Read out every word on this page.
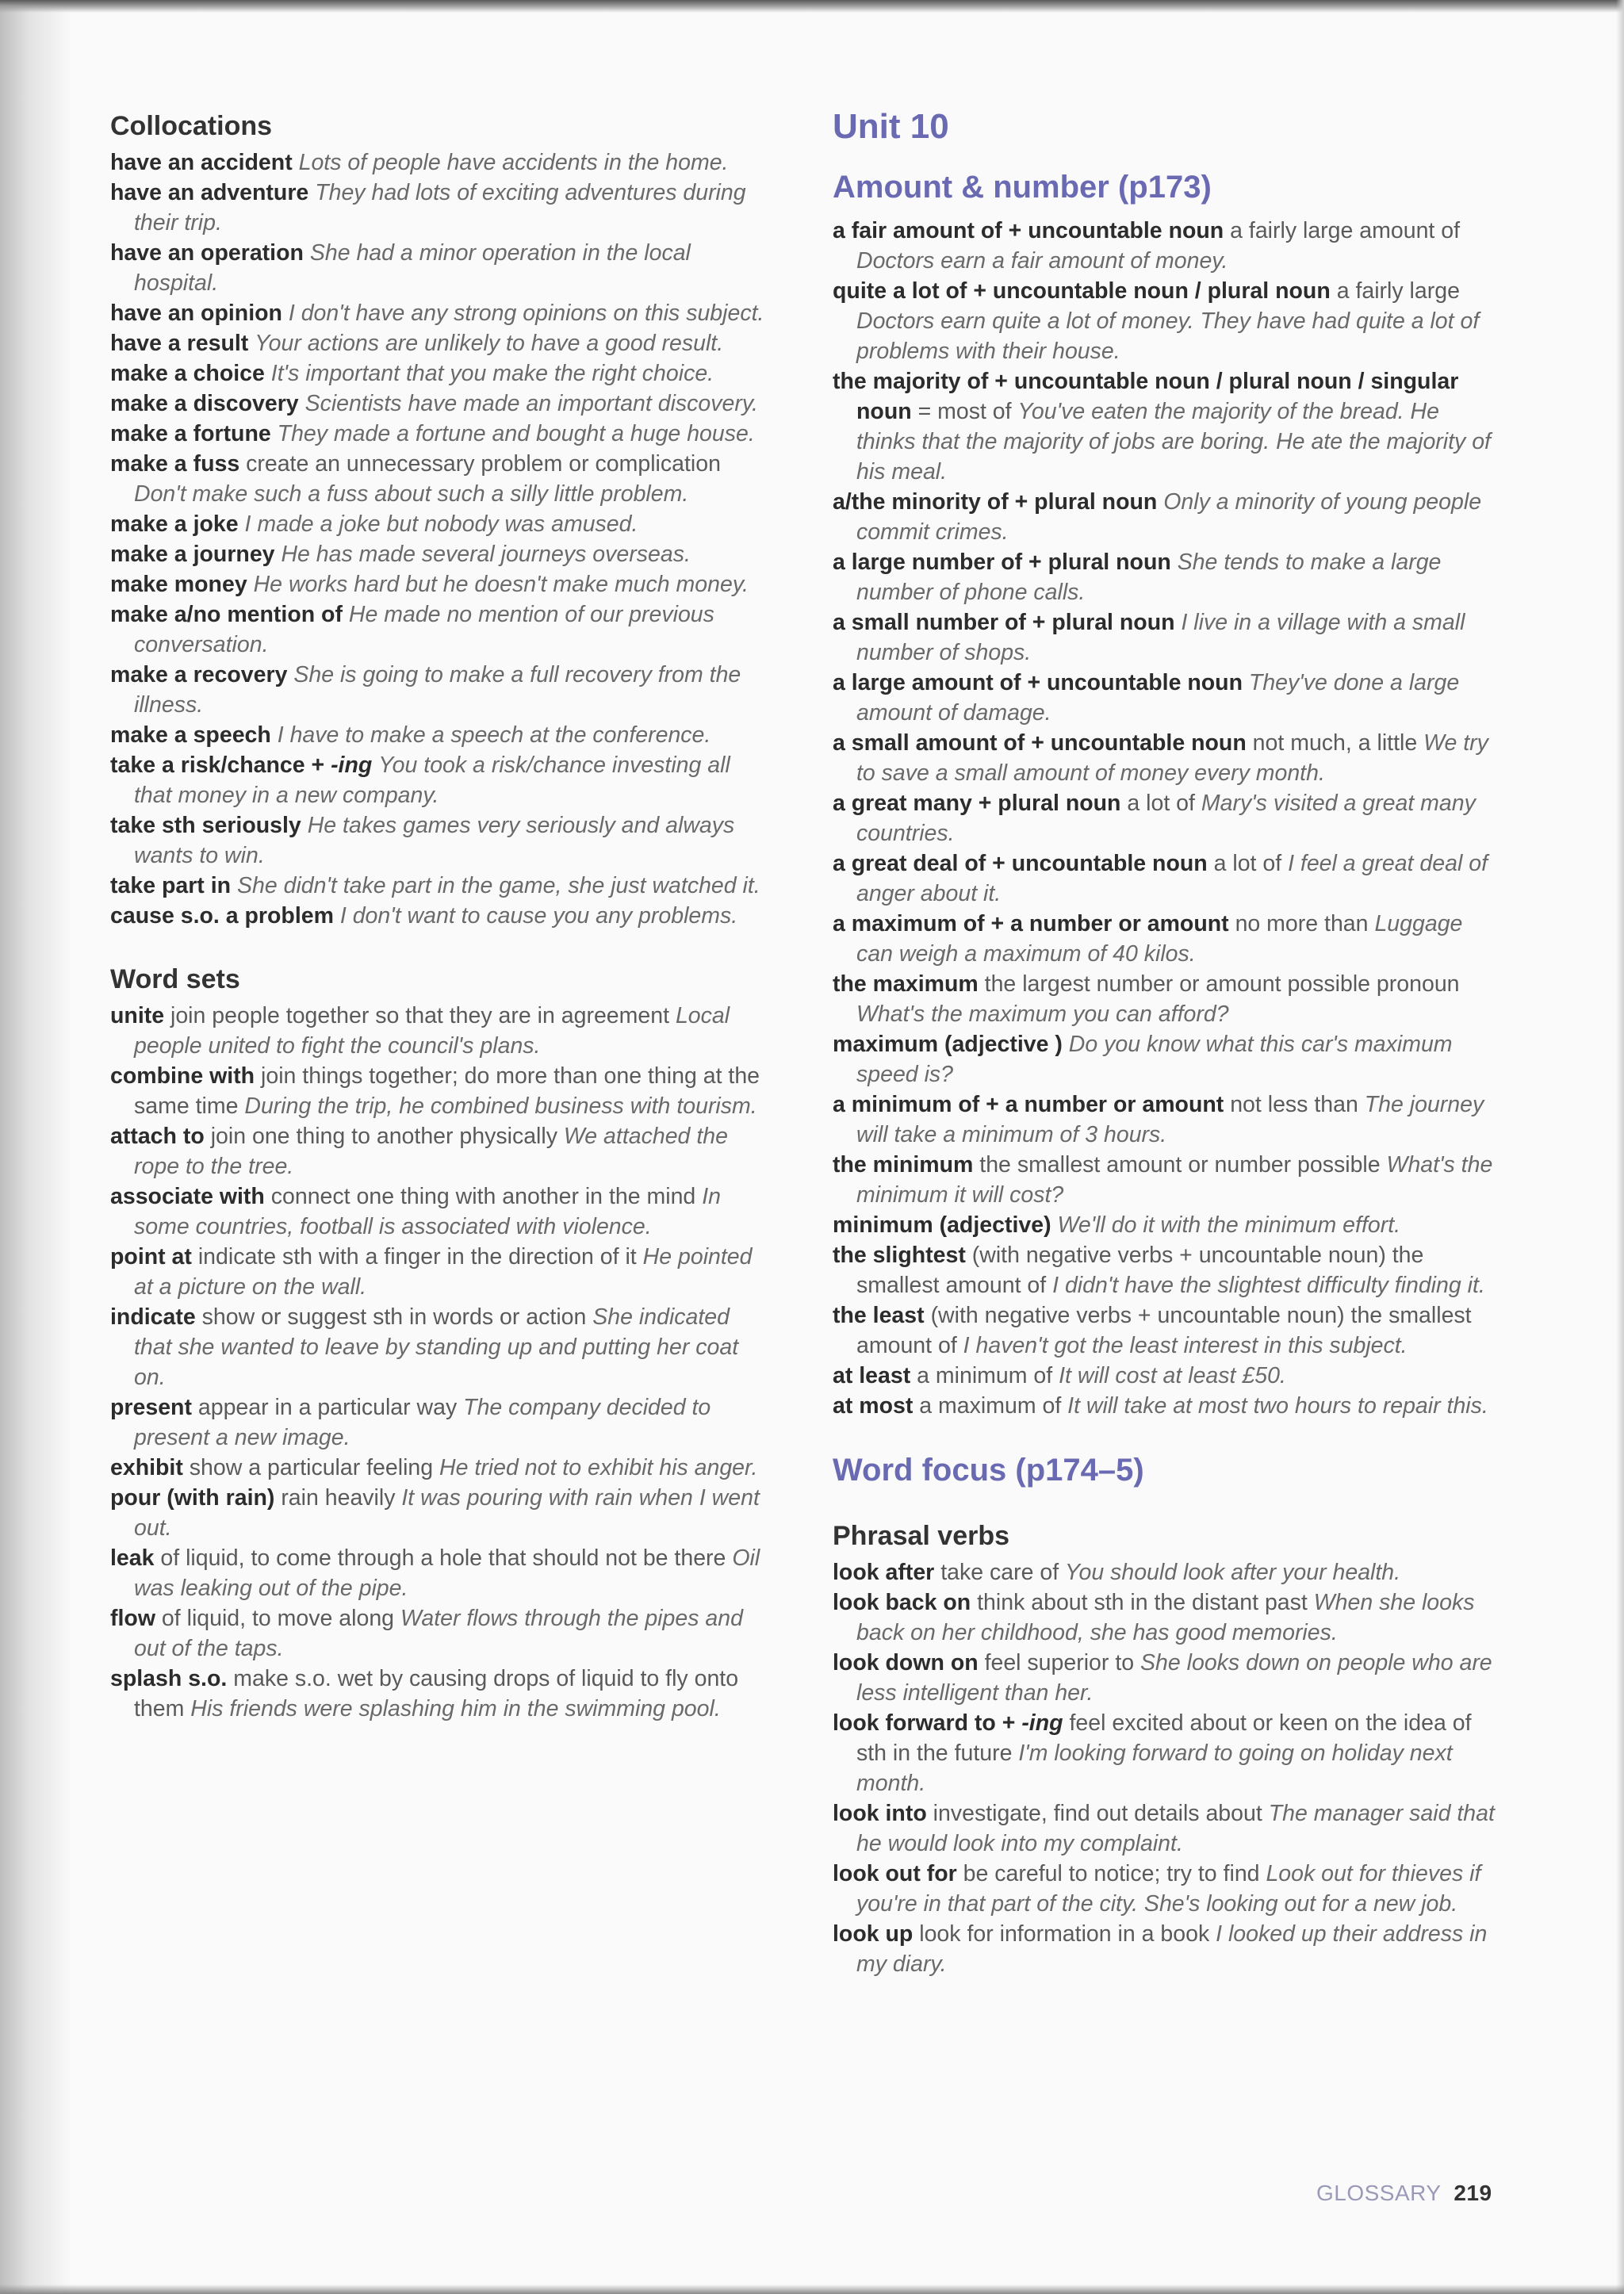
Collocations

have an accident Lots of people have accidents in the home.

have an adventure They had lots of exciting adventures during their trip.

have an operation She had a minor operation in the local hospital.

have an opinion I don't have any strong opinions on this subject.

have a result Your actions are unlikely to have a good result.

make a choice It's important that you make the right choice.

make a discovery Scientists have made an important discovery.

make a fortune They made a fortune and bought a huge house.

make a fuss create an unnecessary problem or complication Don't make such a fuss about such a silly little problem.

make a joke I made a joke but nobody was amused.

make a journey He has made several journeys overseas.

make money He works hard but he doesn't make much money.

make a/no mention of He made no mention of our previous conversation.

make a recovery She is going to make a full recovery from the illness.

make a speech I have to make a speech at the conference.

take a risk/chance + -ing You took a risk/chance investing all that money in a new company.

take sth seriously He takes games very seriously and always wants to win.

take part in She didn't take part in the game, she just watched it.

cause s.o. a problem I don't want to cause you any problems.

Word sets

unite join people together so that they are in agreement Local people united to fight the council's plans.

combine with join things together; do more than one thing at the same time During the trip, he combined business with tourism.

attach to join one thing to another physically We attached the rope to the tree.

associate with connect one thing with another in the mind In some countries, football is associated with violence.

point at indicate sth with a finger in the direction of it He pointed at a picture on the wall.

indicate show or suggest sth in words or action She indicated that she wanted to leave by standing up and putting her coat on.

present appear in a particular way The company decided to present a new image.

exhibit show a particular feeling He tried not to exhibit his anger.

pour (with rain) rain heavily It was pouring with rain when I went out.

leak of liquid, to come through a hole that should not be there Oil was leaking out of the pipe.

flow of liquid, to move along Water flows through the pipes and out of the taps.

splash s.o. make s.o. wet by causing drops of liquid to fly onto them His friends were splashing him in the swimming pool.

Unit 10
Amount & number (p173)

a fair amount of + uncountable noun a fairly large amount of Doctors earn a fair amount of money.

quite a lot of + uncountable noun / plural noun a fairly large Doctors earn quite a lot of money. They have had quite a lot of problems with their house.

the majority of + uncountable noun / plural noun / singular noun = most of You've eaten the majority of the bread. He thinks that the majority of jobs are boring. He ate the majority of his meal.

a/the minority of + plural noun Only a minority of young people commit crimes.

a large number of + plural noun She tends to make a large number of phone calls.

a small number of + plural noun I live in a village with a small number of shops.

a large amount of + uncountable noun They've done a large amount of damage.

a small amount of + uncountable noun not much, a little We try to save a small amount of money every month.

a great many + plural noun a lot of Mary's visited a great many countries.

a great deal of + uncountable noun a lot of I feel a great deal of anger about it.

a maximum of + a number or amount no more than Luggage can weigh a maximum of 40 kilos.

the maximum the largest number or amount possible pronoun What's the maximum you can afford?

maximum (adjective ) Do you know what this car's maximum speed is?

a minimum of + a number or amount not less than The journey will take a minimum of 3 hours.

the minimum the smallest amount or number possible What's the minimum it will cost?

minimum (adjective) We'll do it with the minimum effort.

the slightest (with negative verbs + uncountable noun) the smallest amount of I didn't have the slightest difficulty finding it.

the least (with negative verbs + uncountable noun) the smallest amount of I haven't got the least interest in this subject.

at least a minimum of It will cost at least £50.

at most a maximum of It will take at most two hours to repair this.

Word focus (p174–5)
Phrasal verbs

look after take care of You should look after your health.

look back on think about sth in the distant past When she looks back on her childhood, she has good memories.

look down on feel superior to She looks down on people who are less intelligent than her.

look forward to + -ing feel excited about or keen on the idea of sth in the future I'm looking forward to going on holiday next month.

look into investigate, find out details about The manager said that he would look into my complaint.

look out for be careful to notice; try to find Look out for thieves if you're in that part of the city. She's looking out for a new job.

look up look for information in a book I looked up their address in my diary.

GLOSSARY 219
